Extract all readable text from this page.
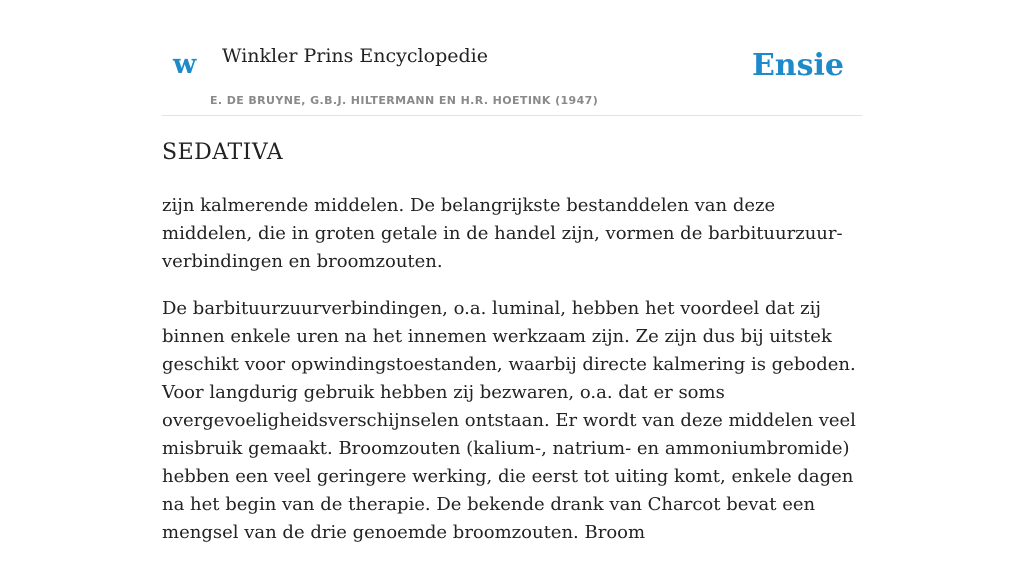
w Winkler Prins Encyclopedie
E. DE BRUYNE, G.B.J. HILTERMANN EN H.R. HOETINK (1947)
Ensie
SEDATIVA

zijn kalmerende middelen. De belangrijkste bestanddelen van deze middelen, die in groten getale in de handel zijn, vormen de barbituurzuur-verbindingen en broomzouten.

De barbituurzuurverbindingen, o.a. luminal, hebben het voordeel dat zij binnen enkele uren na het innemen werkzaam zijn. Ze zijn dus bij uitstek geschikt voor opwindingstoestanden, waarbij directe kalmering is geboden. Voor langdurig gebruik hebben zij bezwaren, o.a. dat er soms overgevoeligheidsverschijnselen ontstaan. Er wordt van deze middelen veel misbruik gemaakt. Broomzouten (kalium-, natrium- en ammoniumbromide) hebben een veel geringere werking, die eerst tot uiting komt, enkele dagen na het begin van de therapie. De bekende drank van Charcot bevat een mengsel van de drie genoemde broomzouten. Broom
